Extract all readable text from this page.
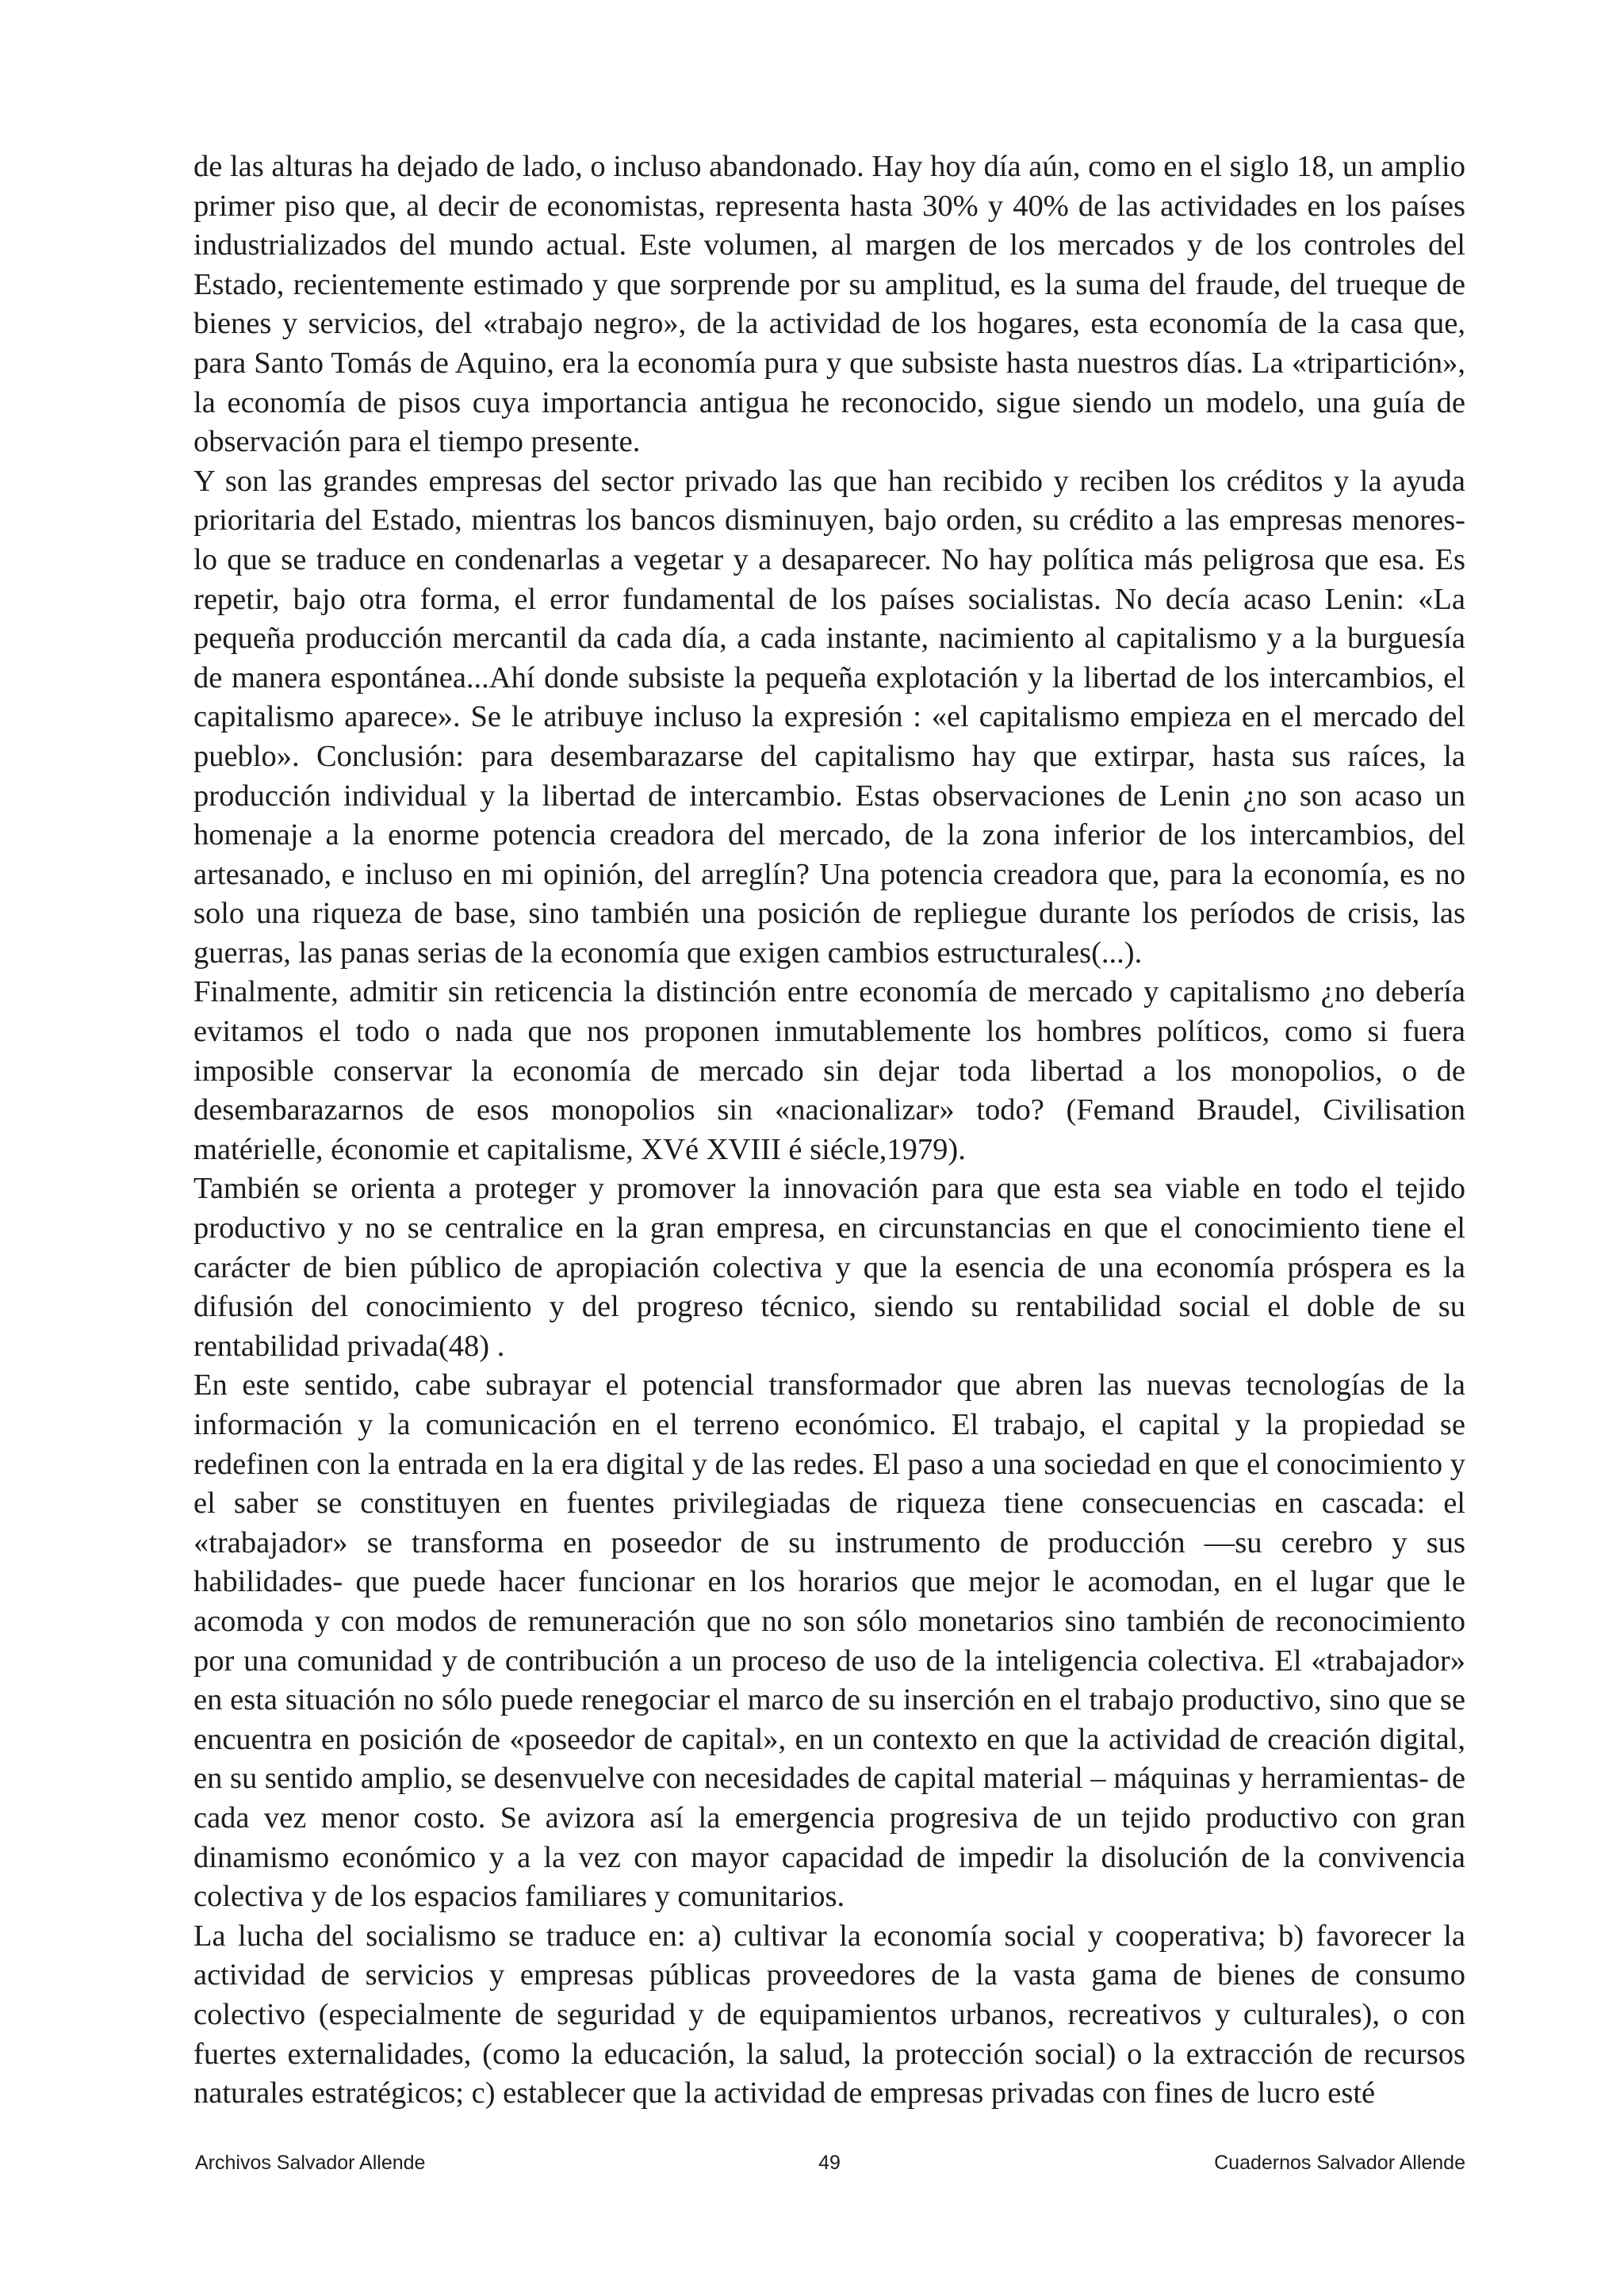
de las alturas ha dejado de lado, o incluso abandonado. Hay hoy día aún, como en el siglo 18, un amplio primer piso que, al decir de economistas, representa hasta 30% y 40% de las actividades en los países industrializados del mundo actual. Este volumen, al margen de los mercados y de los controles del Estado, recientemente estimado y que sorprende por su amplitud, es la suma del fraude, del trueque de bienes y servicios, del «trabajo negro», de la actividad de los hogares, esta economía de la casa que, para Santo Tomás de Aquino, era la economía pura y que subsiste hasta nuestros días. La «tripartición», la economía de pisos cuya importancia antigua he reconocido, sigue siendo un modelo, una guía de observación para el tiempo presente.

Y son las grandes empresas del sector privado las que han recibido y reciben los créditos y la ayuda prioritaria del Estado, mientras los bancos disminuyen, bajo orden, su crédito a las empresas menores-lo que se traduce en condenarlas a vegetar y a desaparecer. No hay política más peligrosa que esa. Es repetir, bajo otra forma, el error fundamental de los países socialistas. No decía acaso Lenin: «La pequeña producción mercantil da cada día, a cada instante, nacimiento al capitalismo y a la burguesía de manera espontánea...Ahí donde subsiste la pequeña explotación y la libertad de los intercambios, el capitalismo aparece». Se le atribuye incluso la expresión : «el capitalismo empieza en el mercado del pueblo». Conclusión: para desembarazarse del capitalismo hay que extirpar, hasta sus raíces, la producción individual y la libertad de intercambio. Estas observaciones de Lenin ¿no son acaso un homenaje a la enorme potencia creadora del mercado, de la zona inferior de los intercambios, del artesanado, e incluso en mi opinión, del arreglín? Una potencia creadora que, para la economía, es no solo una riqueza de base, sino también una posición de repliegue durante los períodos de crisis, las guerras, las panas serias de la economía que exigen cambios estructurales(...).

Finalmente, admitir sin reticencia la distinción entre economía de mercado y capitalismo ¿no debería evitamos el todo o nada que nos proponen inmutablemente los hombres políticos, como si fuera imposible conservar la economía de mercado sin dejar toda libertad a los monopolios, o de desembarazarnos de esos monopolios sin «nacionalizar» todo? (Femand Braudel, Civilisation matérielle, économie et capitalisme, XVé XVIII é siécle,1979).

También se orienta a proteger y promover la innovación para que esta sea viable en todo el tejido productivo y no se centralice en la gran empresa, en circunstancias en que el conocimiento tiene el carácter de bien público de apropiación colectiva y que la esencia de una economía próspera es la difusión del conocimiento y del progreso técnico, siendo su rentabilidad social el doble de su rentabilidad privada(48) .

En este sentido, cabe subrayar el potencial transformador que abren las nuevas tecnologías de la información y la comunicación en el terreno económico. El trabajo, el capital y la propiedad se redefinen con la entrada en la era digital y de las redes. El paso a una sociedad en que el conocimiento y el saber se constituyen en fuentes privilegiadas de riqueza tiene consecuencias en cascada: el «trabajador» se transforma en poseedor de su instrumento de producción —su cerebro y sus habilidades- que puede hacer funcionar en los horarios que mejor le acomodan, en el lugar que le acomoda y con modos de remuneración que no son sólo monetarios sino también de reconocimiento por una comunidad y de contribución a un proceso de uso de la inteligencia colectiva. El «trabajador» en esta situación no sólo puede renegociar el marco de su inserción en el trabajo productivo, sino que se encuentra en posición de «poseedor de capital», en un contexto en que la actividad de creación digital, en su sentido amplio, se desenvuelve con necesidades de capital material – máquinas y herramientas- de cada vez menor costo. Se avizora así la emergencia progresiva de un tejido productivo con gran dinamismo económico y a la vez con mayor capacidad de impedir la disolución de la convivencia colectiva y de los espacios familiares y comunitarios.

La lucha del socialismo se traduce en: a) cultivar la economía social y cooperativa; b) favorecer la actividad de servicios y empresas públicas proveedores de la vasta gama de bienes de consumo colectivo (especialmente de seguridad y de equipamientos urbanos, recreativos y culturales), o con fuertes externalidades, (como la educación, la salud, la protección social) o la extracción de recursos naturales estratégicos; c) establecer que la actividad de empresas privadas con fines de lucro esté

Archivos Salvador Allende	49	Cuadernos Salvador Allende
